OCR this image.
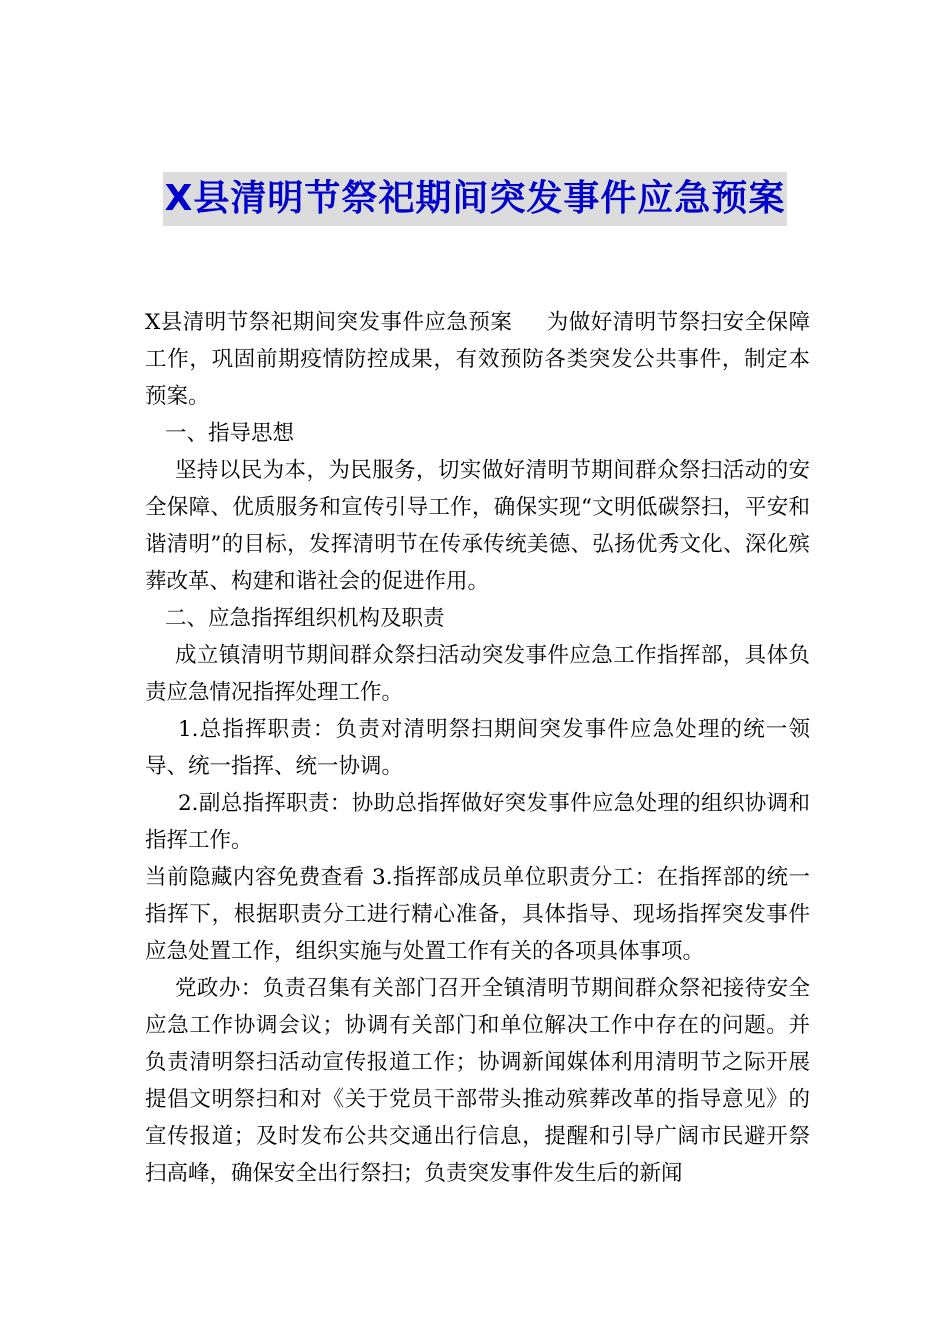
X县清明节祭祀期间突发事件应急预案

X县清明节祭祀期间突发事件应急预案 为做好清明节祭扫安全保障工作，巩固前期疫情防控成果，有效预防各类突发公共事件，制定本预案。

一、指导思想

坚持以民为本，为民服务，切实做好清明节期间群众祭扫活动的安全保障、优质服务和宣传引导工作，确保实现“文明低碳祭扫，平安和谐清明”的目标，发挥清明节在传承传统美德、弘扬优秀文化、深化殡葬改革、构建和谐社会的促进作用。

二、应急指挥组织机构及职责

成立镇清明节期间群众祭扫活动突发事件应急工作指挥部，具体负责应急情况指挥处理工作。

1.总指挥职责：负责对清明祭扫期间突发事件应急处理的统一领导、统一指挥、统一协调。

2.副总指挥职责：协助总指挥做好突发事件应急处理的组织协调和指挥工作。

当前隐藏内容免费查看 3.指挥部成员单位职责分工：在指挥部的统一指挥下，根据职责分工进行精心准备，具体指导、现场指挥突发事件应急处置工作，组织实施与处置工作有关的各项具体事项。

党政办：负责召集有关部门召开全镇清明节期间群众祭祀接待安全应急工作协调会议；协调有关部门和单位解决工作中存在的问题。并负责清明祭扫活动宣传报道工作；协调新闻媒体利用清明节之际开展提倡文明祭扫和对《关于党员干部带头推动殡葬改革的指导意见》的宣传报道；及时发布公共交通出行信息，提醒和引导广阔市民避开祭扫高峰，确保安全出行祭扫；负责突发事件发生后的新闻
